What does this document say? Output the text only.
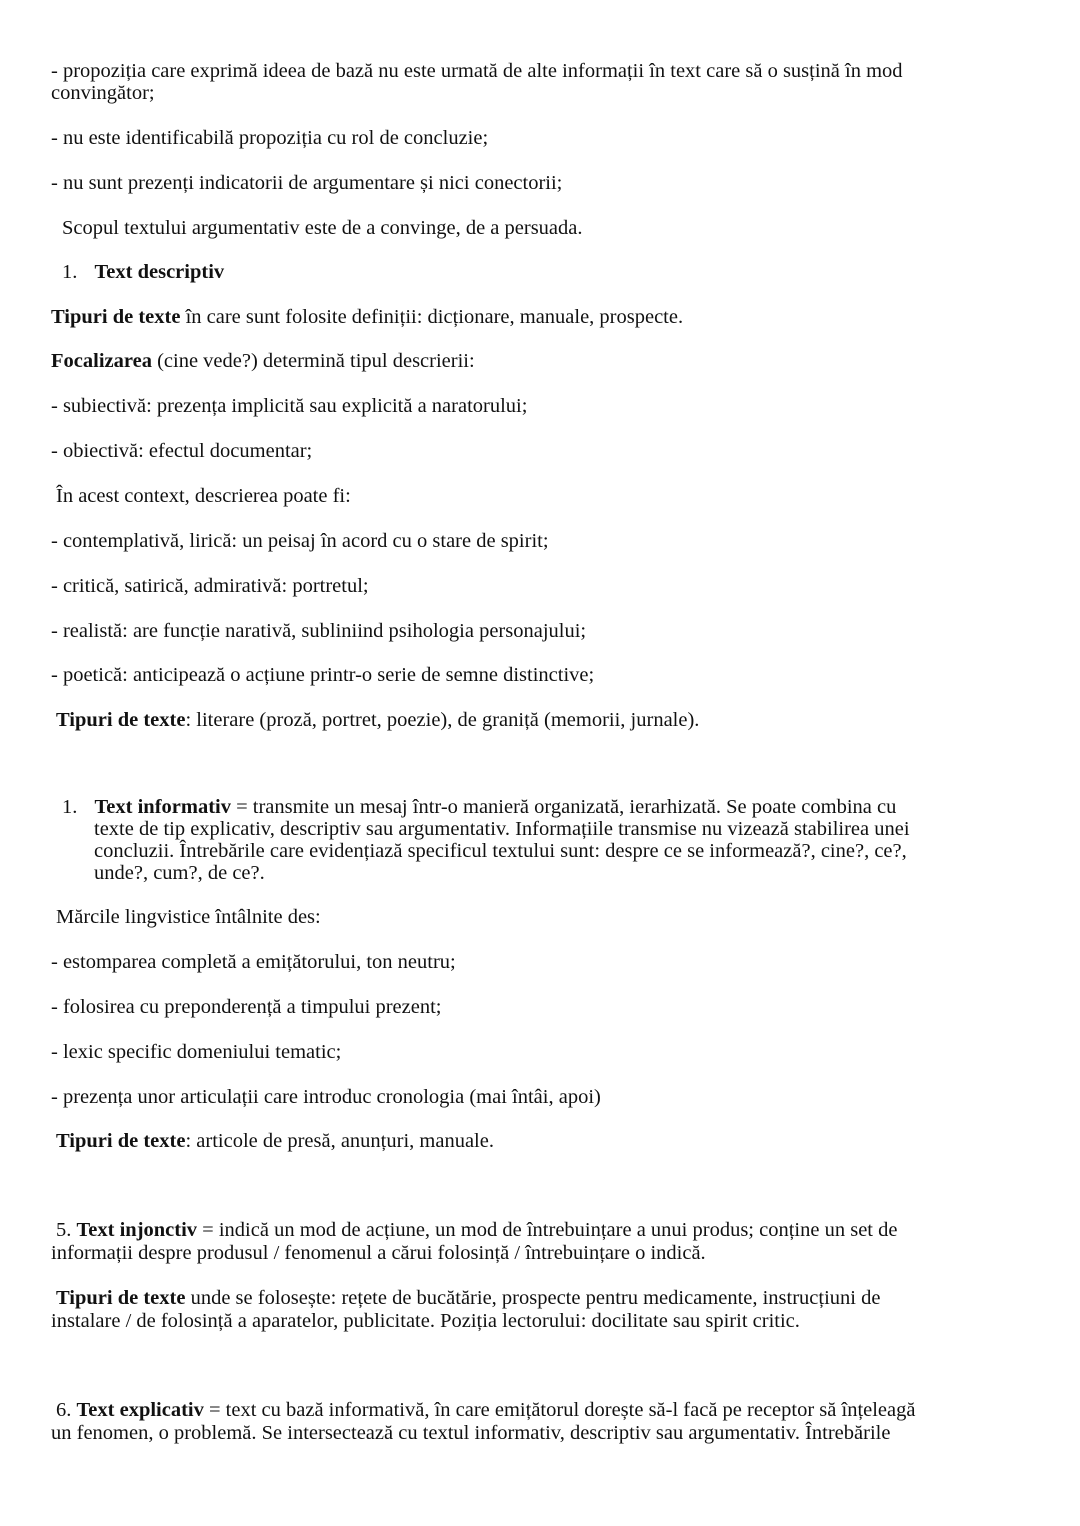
- propoziția care exprimă ideea de bază nu este urmată de alte informații în text care să o susțină în mod
convingător;
- nu este identificabilă propoziția cu rol de concluzie;
- nu sunt prezenți indicatorii de argumentare și nici conectorii;
Scopul textului argumentativ este de a convinge, de a persuada.
1. Text descriptiv
Tipuri de texte în care sunt folosite definiții: dicționare, manuale, prospecte.
Focalizarea (cine vede?) determină tipul descrierii:
- subiectivă: prezența implicită sau explicită a naratorului;
- obiectivă: efectul documentar;
În acest context, descrierea poate fi:
- contemplativă, lirică: un peisaj în acord cu o stare de spirit;
- critică, satirică, admirativă: portretul;
- realistă: are funcție narativă, subliniind psihologia personajului;
- poetică: anticipează o acțiune printr-o serie de semne distinctive;
Tipuri de texte: literare (proză, portret, poezie), de graniță (memorii, jurnale).
1. Text informativ = transmite un mesaj într-o manieră organizată, ierarhizată. Se poate combina cu
texte de tip explicativ, descriptiv sau argumentativ. Informațiile transmise nu vizează stabilirea unei
concluzii. Întrebările care evidențiază specificul textului sunt: despre ce se informează?, cine?, ce?,
unde?, cum?, de ce?.
Mărcile lingvistice întâlnite des:
- estomparea completă a emițătorului, ton neutru;
- folosirea cu preponderență a timpului prezent;
- lexic specific domeniului tematic;
- prezența unor articulații care introduc cronologia (mai întâi, apoi)
Tipuri de texte: articole de presă, anunțuri, manuale.
5. Text injonctiv = indică un mod de acțiune, un mod de întrebuințare a unui produs; conține un set de
informații despre produsul / fenomenul a cărui folosință / întrebuințare o indică.
Tipuri de texte unde se folosește: rețete de bucătărie, prospecte pentru medicamente, instrucțiuni de
instalare / de folosință a aparatelor, publicitate. Poziția lectorului: docilitate sau spirit critic.
6. Text explicativ = text cu bază informativă, în care emițătorul dorește să-l facă pe receptor să înțeleagă
un fenomen, o problemă. Se intersectează cu textul informativ, descriptiv sau argumentativ. Întrebările
